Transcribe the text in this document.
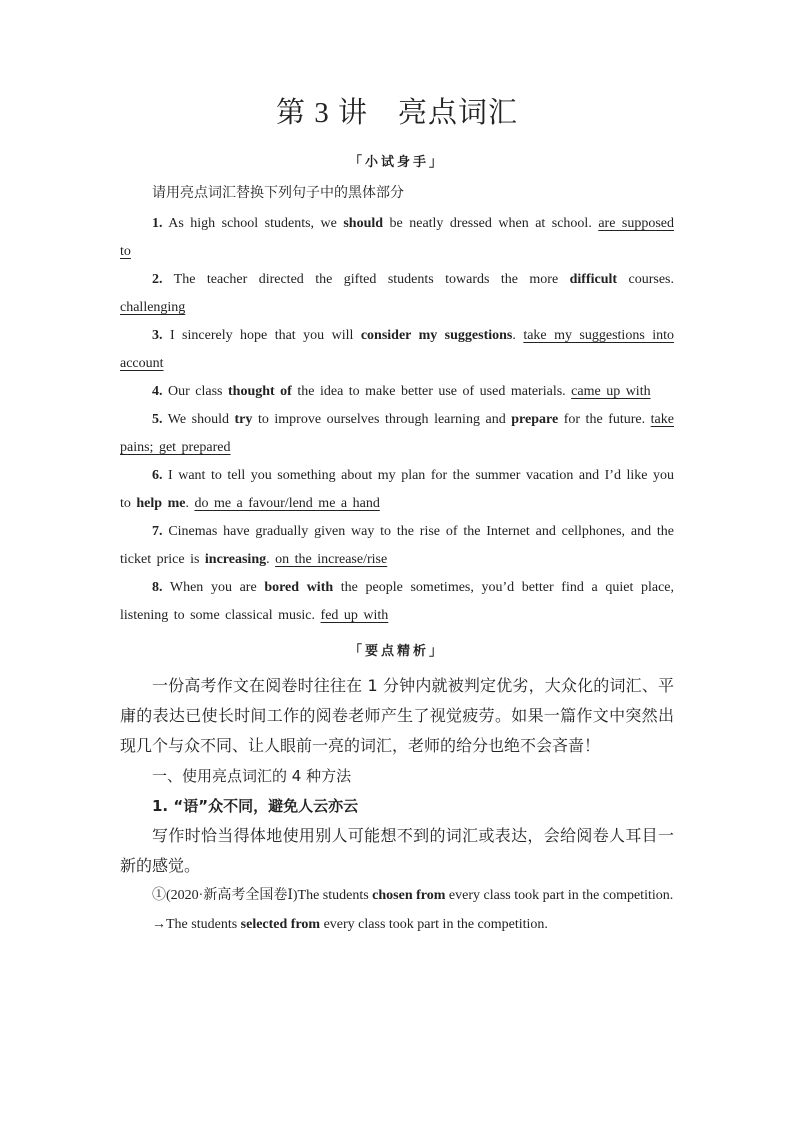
第 3 讲　亮点词汇
「小试身手」

请用亮点词汇替换下列句子中的黑体部分

1. As high school students, we should be neatly dressed when at school. are supposed to

2. The teacher directed the gifted students towards the more difficult courses. challenging

3. I sincerely hope that you will consider my suggestions. take my suggestions into account

4. Our class thought of the idea to make better use of used materials. came up with

5. We should try to improve ourselves through learning and prepare for the future. take pains; get prepared

6. I want to tell you something about my plan for the summer vacation and I’d like you to help me. do me a favour/lend me a hand

7. Cinemas have gradually given way to the rise of the Internet and cellphones, and the ticket price is increasing. on the increase/rise

8. When you are bored with the people sometimes, you’d better find a quiet place, listening to some classical music. fed up with

「要点精析」

一份高考作文在阅卷时往往在 1 分钟内就被判定优劣，大众化的词汇、平庸的表达已使长时间工作的阅卷老师产生了视觉疲劳。如果一篇作文中突然出现几个与众不同、让人眼前一亮的词汇，老师的给分也绝不会吝啬！

一、使用亮点词汇的 4 种方法

1. “语”众不同，避免人云亦云

写作时恰当得体地使用别人可能想不到的词汇或表达，会给阅卷人耳目一新的感觉。

①(2020·新高考全国卷Ⅰ)The students chosen from every class took part in the competition.

→The students selected from every class took part in the competition.
